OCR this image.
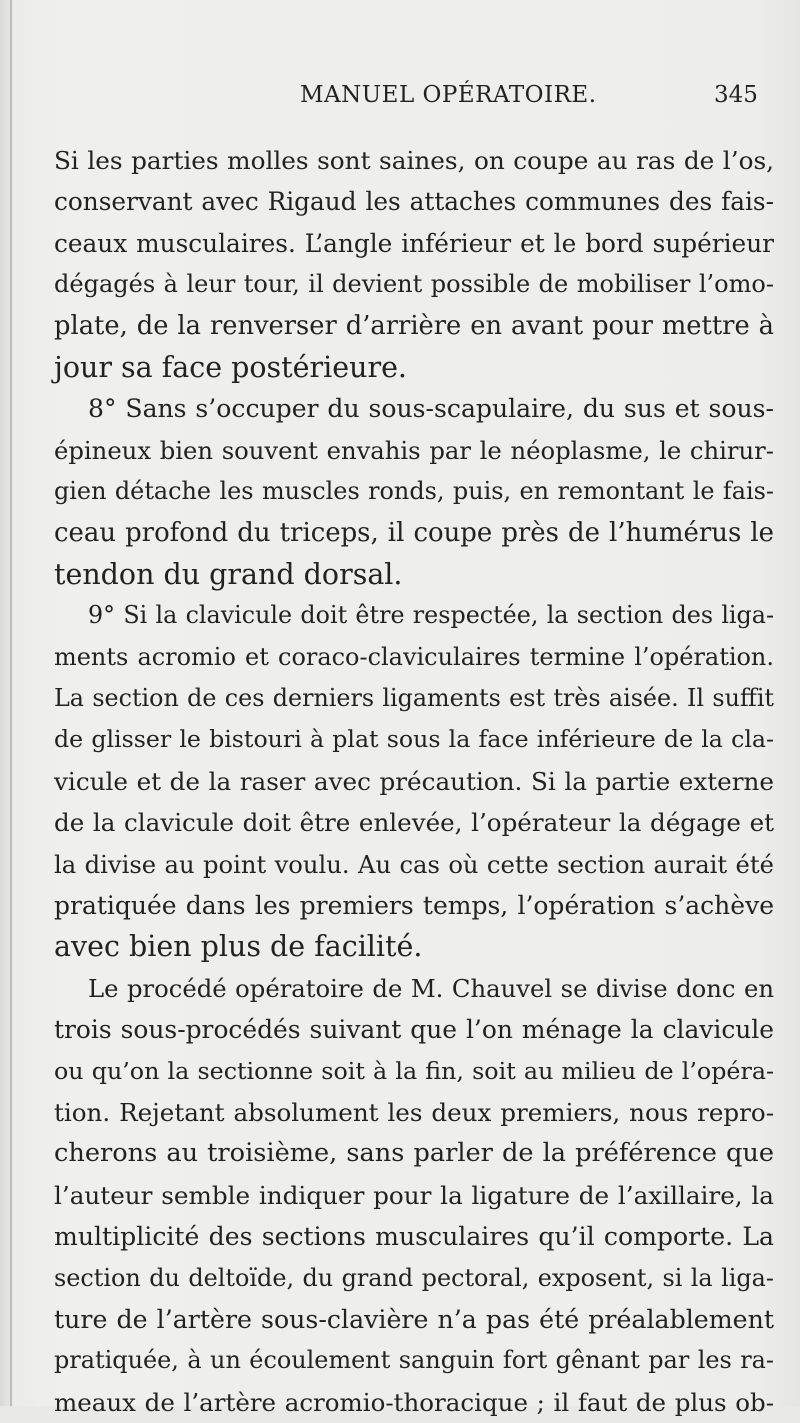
MANUEL OPÉRATOIRE.	345
Si les parties molles sont saines, on coupe au ras de l’os,
conservant avec Rigaud les attaches communes des fais-
ceaux musculaires. L’angle inférieur et le bord supérieur
dégagés à leur tour, il devient possible de mobiliser l’omo-
plate, de la renverser d’arrière en avant pour mettre à
jour sa face postérieure.
8° Sans s’occuper du sous-scapulaire, du sus et sous-
épineux bien souvent envahis par le néoplasme, le chirur-
gien détache les muscles ronds, puis, en remontant le fais-
ceau profond du triceps, il coupe près de l’humérus le
tendon du grand dorsal.
9° Si la clavicule doit être respectée, la section des liga-
ments acromio et coraco-claviculaires termine l’opération.
La section de ces derniers ligaments est très aisée. Il suffit
de glisser le bistouri à plat sous la face inférieure de la cla-
vicule et de la raser avec précaution. Si la partie externe
de la clavicule doit être enlevée, l’opérateur la dégage et
la divise au point voulu. Au cas où cette section aurait été
pratiquée dans les premiers temps, l’opération s’achève
avec bien plus de facilité.
Le procédé opératoire de M. Chauvel se divise donc en
trois sous-procédés suivant que l’on ménage la clavicule
ou qu’on la sectionne soit à la fin, soit au milieu de l’opéra-
tion. Rejetant absolument les deux premiers, nous repro-
cherons au troisième, sans parler de la préférence que
l’auteur semble indiquer pour la ligature de l’axillaire, la
multiplicité des sections musculaires qu’il comporte. La
section du deltoïde, du grand pectoral, exposent, si la liga-
ture de l’artère sous-clavière n’a pas été préalablement
pratiquée, à un écoulement sanguin fort gênant par les ra-
meaux de l’artère acromio-thoracique ; il faut de plus ob-
